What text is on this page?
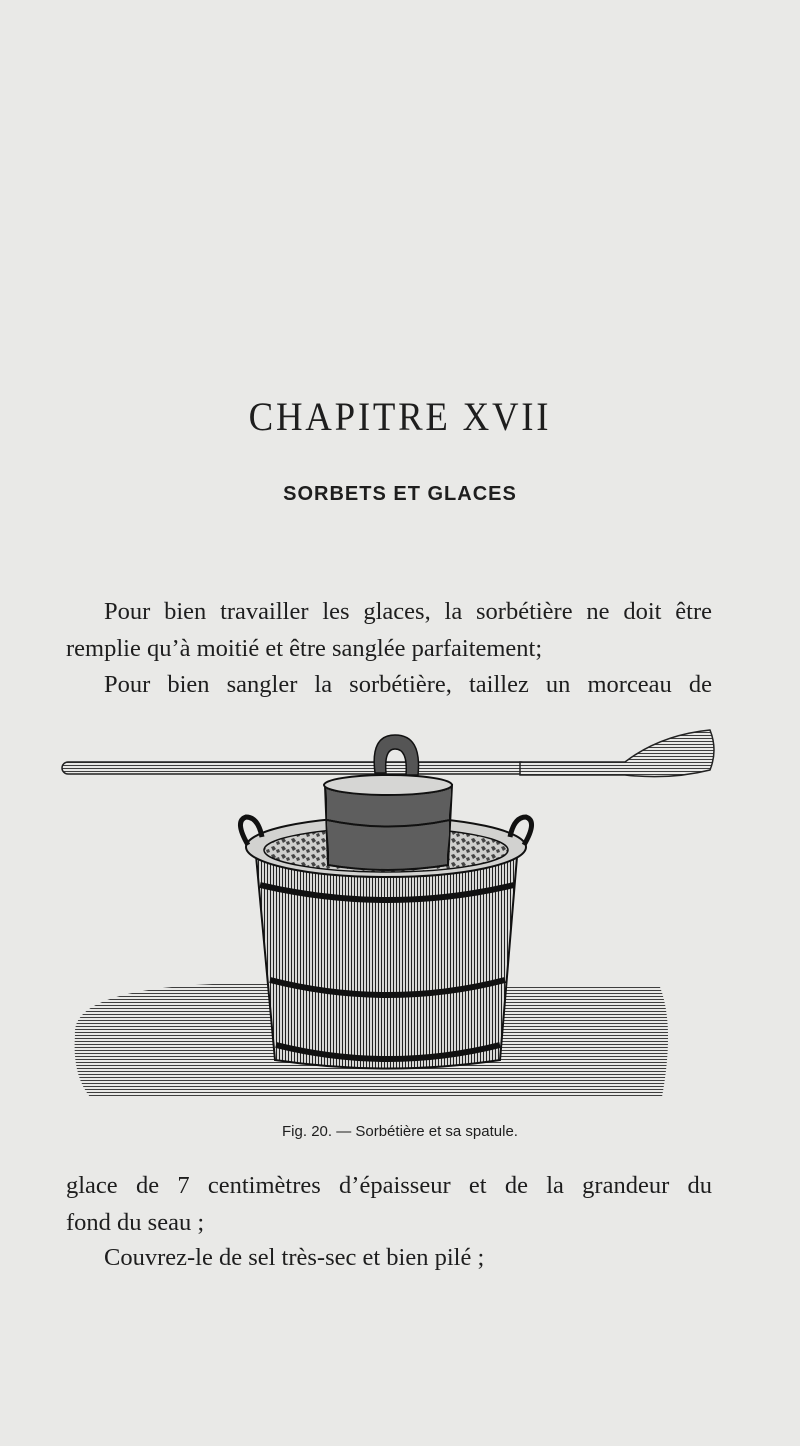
CHAPITRE XVII
SORBETS ET GLACES
Pour bien travailler les glaces, la sorbétière ne doit être
remplie qu’à moitié et être sanglée parfaitement;
Pour bien sangler la sorbétière, taillez un morceau de
Fig. 20. — Sorbétière et sa spatule.
glace de 7 centimètres d’épaisseur et de la grandeur du
fond du seau ;
Couvrez-le de sel très-sec et bien pilé ;
